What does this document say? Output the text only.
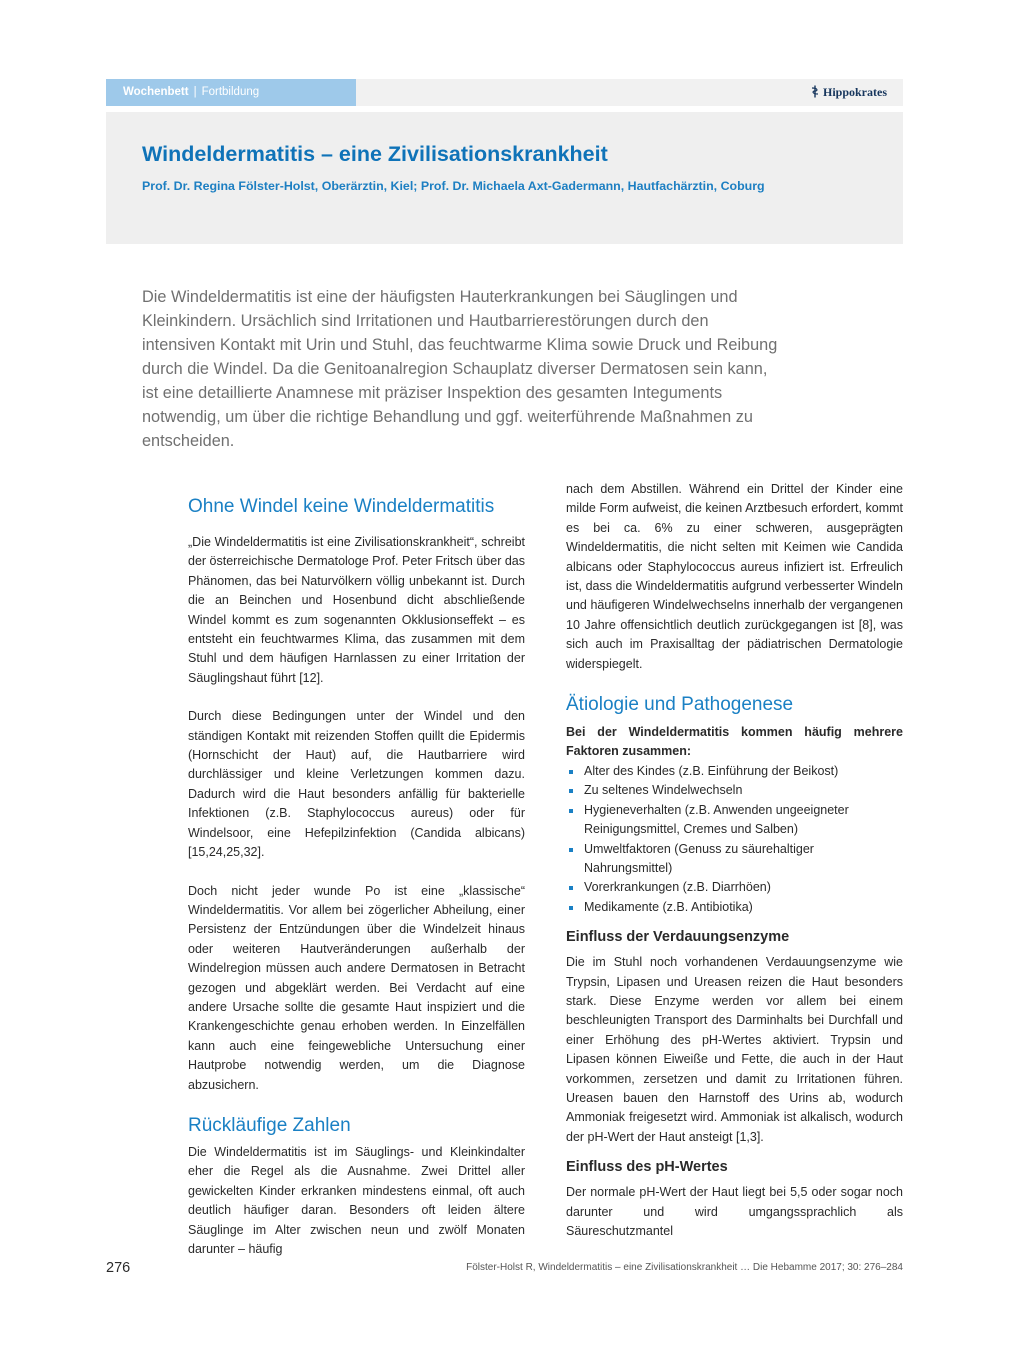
Wochenbett | Fortbildung	Hippokrates
Windeldermatitis – eine Zivilisationskrankheit

Prof. Dr. Regina Fölster-Holst, Oberärztin, Kiel; Prof. Dr. Michaela Axt-Gadermann, Hautfachärztin, Coburg

Die Windeldermatitis ist eine der häufigsten Hauterkrankungen bei Säuglingen und Kleinkindern. Ursächlich sind Irritationen und Hautbarrierestörungen durch den intensiven Kontakt mit Urin und Stuhl, das feuchtwarme Klima sowie Druck und Reibung durch die Windel. Da die Genitoanalregion Schauplatz diverser Dermatosen sein kann, ist eine detaillierte Anamnese mit präziser Inspektion des gesamten Integuments notwendig, um über die richtige Behandlung und ggf. weiterführende Maßnahmen zu entscheiden.

Ohne Windel keine Windeldermatitis

„Die Windeldermatitis ist eine Zivilisationskrankheit“, schreibt der österreichische Dermatologe Prof. Peter Fritsch über das Phänomen, das bei Naturvölkern völlig unbekannt ist. Durch die an Beinchen und Hosenbund dicht abschließende Windel kommt es zum sogenannten Okklusionseffekt – es entsteht ein feuchtwarmes Klima, das zusammen mit dem Stuhl und dem häufigen Harnlassen zu einer Irritation der Säuglingshaut führt [12].

Durch diese Bedingungen unter der Windel und den ständigen Kontakt mit reizenden Stoffen quillt die Epidermis (Hornschicht der Haut) auf, die Hautbarriere wird durchlässiger und kleine Verletzungen kommen dazu. Dadurch wird die Haut besonders anfällig für bakterielle Infektionen (z.B. Staphylococcus aureus) oder für Windelsoor, eine Hefepilzinfektion (Candida albicans) [15,24,25,32].

Doch nicht jeder wunde Po ist eine „klassische“ Windeldermatitis. Vor allem bei zögerlicher Abheilung, einer Persistenz der Entzündungen über die Windelzeit hinaus oder weiteren Hautveränderungen außerhalb der Windelregion müssen auch andere Dermatosen in Betracht gezogen und abgeklärt werden. Bei Verdacht auf eine andere Ursache sollte die gesamte Haut inspiziert und die Krankengeschichte genau erhoben werden. In Einzelfällen kann auch eine feingewebliche Untersuchung einer Hautprobe notwendig werden, um die Diagnose abzusichern.

Rückläufige Zahlen

Die Windeldermatitis ist im Säuglings- und Kleinkindalter eher die Regel als die Ausnahme. Zwei Drittel aller gewickelten Kinder erkranken mindestens einmal, oft auch deutlich häufiger daran. Besonders oft leiden ältere Säuglinge im Alter zwischen neun und zwölf Monaten darunter – häufig

nach dem Abstillen. Während ein Drittel der Kinder eine milde Form aufweist, die keinen Arztbesuch erfordert, kommt es bei ca. 6% zu einer schweren, ausgeprägten Windeldermatitis, die nicht selten mit Keimen wie Candida albicans oder Staphylococcus aureus infiziert ist. Erfreulich ist, dass die Windeldermatitis aufgrund verbesserter Windeln und häufigeren Windelwechselns innerhalb der vergangenen 10 Jahre offensichtlich deutlich zurückgegangen ist [8], was sich auch im Praxisalltag der pädiatrischen Dermatologie widerspiegelt.

Ätiologie und Pathogenese

Bei der Windeldermatitis kommen häufig mehrere Faktoren zusammen:

Alter des Kindes (z.B. Einführung der Beikost)
Zu seltenes Windelwechseln
Hygieneverhalten (z.B. Anwenden ungeeigneter Reinigungsmittel, Cremes und Salben)
Umweltfaktoren (Genuss zu säurehaltiger Nahrungsmittel)
Vorerkrankungen (z.B. Diarrhöen)
Medikamente (z.B. Antibiotika)
Einfluss der Verdauungsenzyme

Die im Stuhl noch vorhandenen Verdauungsenzyme wie Trypsin, Lipasen und Ureasen reizen die Haut besonders stark. Diese Enzyme werden vor allem bei einem beschleunigten Transport des Darminhalts bei Durchfall und einer Erhöhung des pH-Wertes aktiviert. Trypsin und Lipasen können Eiweiße und Fette, die auch in der Haut vorkommen, zersetzen und damit zu Irritationen führen. Ureasen bauen den Harnstoff des Urins ab, wodurch Ammoniak freigesetzt wird. Ammoniak ist alkalisch, wodurch der pH-Wert der Haut ansteigt [1,3].

Einfluss des pH-Wertes

Der normale pH-Wert der Haut liegt bei 5,5 oder sogar noch darunter und wird umgangssprachlich als Säureschutzmantel

276	Fölster-Holst R, Windeldermatitis – eine Zivilisationskrankheit … Die Hebamme 2017; 30: 276–284
